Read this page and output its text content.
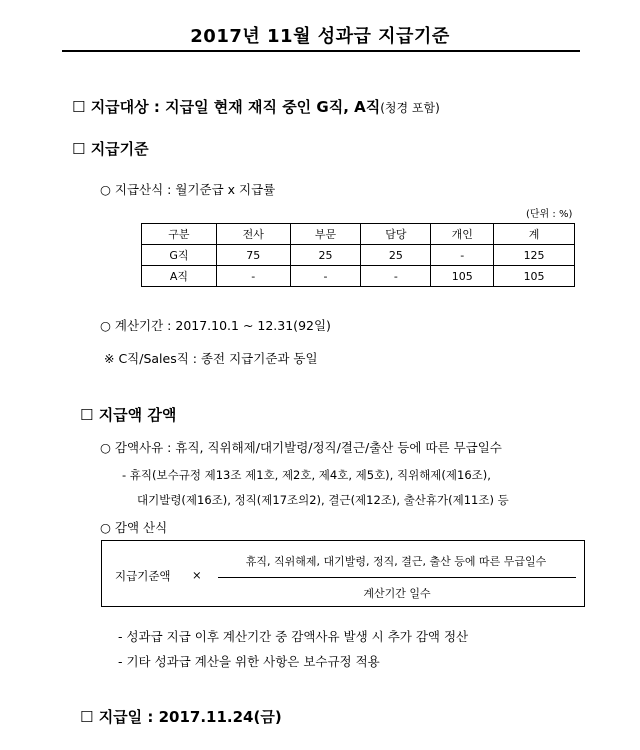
2017년 11월 성과급 지급기준
☐ 지급대상 : 지급일 현재 재직 중인 G직, A직(청경 포함)
☐ 지급기준
○ 지급산식 : 월기준급 x 지급률
(단위 : %)
구분	전사	부문	담당	개인	계
G직	75	25	25	-	125
A직	-	-	-	105	105
○ 계산기간 : 2017.10.1 ~ 12.31(92일)
※ C직/Sales직 : 종전 지급기준과 동일
☐ 지급액 감액
○ 감액사유 : 휴직, 직위해제/대기발령/정직/결근/출산 등에 따른 무급일수
- 휴직(보수규정 제13조 제1호, 제2호, 제4호, 제5호), 직위해제(제16조),
대기발령(제16조), 정직(제17조의2), 결근(제12조), 출산휴가(제11조) 등
○ 감액 산식
지급기준액 ×
휴직, 직위해제, 대기발령, 정직, 결근, 출산 등에 따른 무급일수
계산기간 일수
- 성과급 지급 이후 계산기간 중 감액사유 발생 시 추가 감액 정산
- 기타 성과급 계산을 위한 사항은 보수규정 적용
☐ 지급일 : 2017.11.24(금)
